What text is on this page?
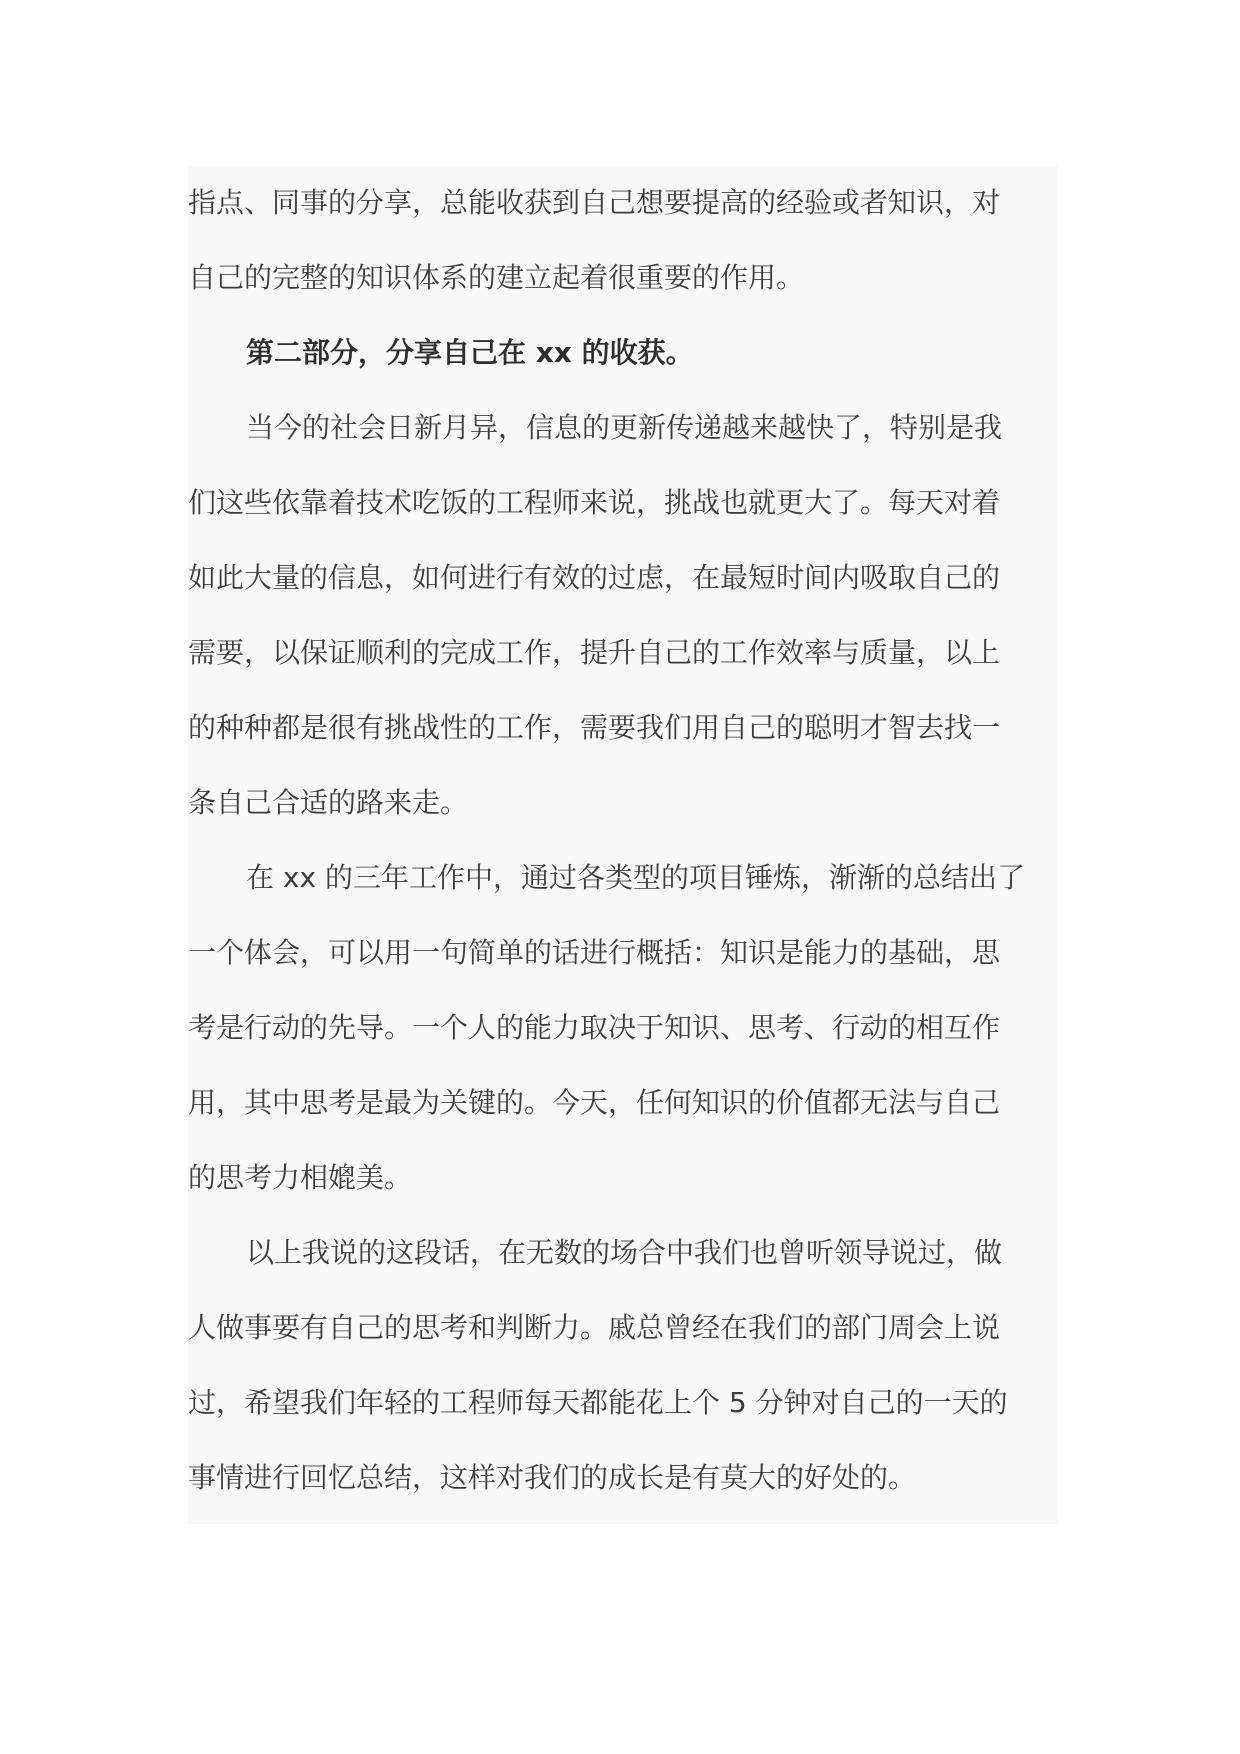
指点、同事的分享，总能收获到自己想要提高的经验或者知识，对
自己的完整的知识体系的建立起着很重要的作用。
第二部分，分享自己在 xx 的收获。
当今的社会日新月异，信息的更新传递越来越快了，特别是我
们这些依靠着技术吃饭的工程师来说，挑战也就更大了。每天对着
如此大量的信息，如何进行有效的过虑，在最短时间内吸取自己的
需要，以保证顺利的完成工作，提升自己的工作效率与质量，以上
的种种都是很有挑战性的工作，需要我们用自己的聪明才智去找一
条自己合适的路来走。
在 xx 的三年工作中，通过各类型的项目锤炼，渐渐的总结出了
一个体会，可以用一句简单的话进行概括：知识是能力的基础，思
考是行动的先导。一个人的能力取决于知识、思考、行动的相互作
用，其中思考是最为关键的。今天，任何知识的价值都无法与自己
的思考力相媲美。
以上我说的这段话，在无数的场合中我们也曾听领导说过，做
人做事要有自己的思考和判断力。戚总曾经在我们的部门周会上说
过，希望我们年轻的工程师每天都能花上个 5 分钟对自己的一天的
事情进行回忆总结，这样对我们的成长是有莫大的好处的。
